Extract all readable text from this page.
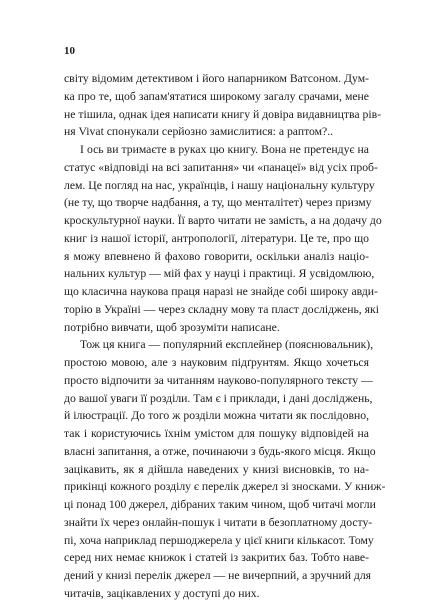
10

світу відомим детективом і його напарником Ватсоном. Дум-
ка про те, щоб запам'ятатися широкому загалу срачами, мене
не тішила, однак ідея написати книгу й довіра видавництва рів-
ня Vivat спонукали серйозно замислитися: а раптом?..

І ось ви тримаєте в руках цю книгу. Вона не претендує на
статус «відповіді на всі запитання» чи «панацеї» від усіх проб-
лем. Це погляд на нас, українців, і нашу національну культуру
(не ту, що творче надбання, а ту, що менталітет) через призму
кроскультурної науки. Її варто читати не замість, а на додачу до
книг із нашої історії, антропології, літератури. Це те, про що
я можу впевнено й фахово говорити, оскільки аналіз націо-
нальних культур — мій фах у науці і практиці. Я усвідомлюю,
що класична наукова праця наразі не знайде собі широку авди-
торію в Україні — через складну мову та пласт досліджень, які
потрібно вивчати, щоб зрозуміти написане.

Тож ця книга — популярний експлейнер (пояснювальник),
простою мовою, але з науковим підґрунтям. Якщо хочеться
просто відпочити за читанням науково-популярного тексту —
до вашої уваги її розділи. Там є і приклади, і дані досліджень,
й ілюстрації. До того ж розділи можна читати як послідовно,
так і користуючись їхнім умістом для пошуку відповідей на
власні запитання, а отже, починаючи з будь-якого місця. Якщо
зацікавить, як я дійшла наведених у книзі висновків, то на-
прикінці кожного розділу є перелік джерел зі зносками. У книж-
ці понад 100 джерел, дібраних таким чином, щоб читачі могли
знайти їх через онлайн-пошук і читати в безоплатному досту-
пі, хоча наприклад першоджерела у цієї книги кількасот. Тому
серед них немає книжок і статей із закритих баз. Тобто наве-
дений у книзі перелік джерел — не вичерпний, а зручний для
читачів, зацікавлених у доступі до них.
